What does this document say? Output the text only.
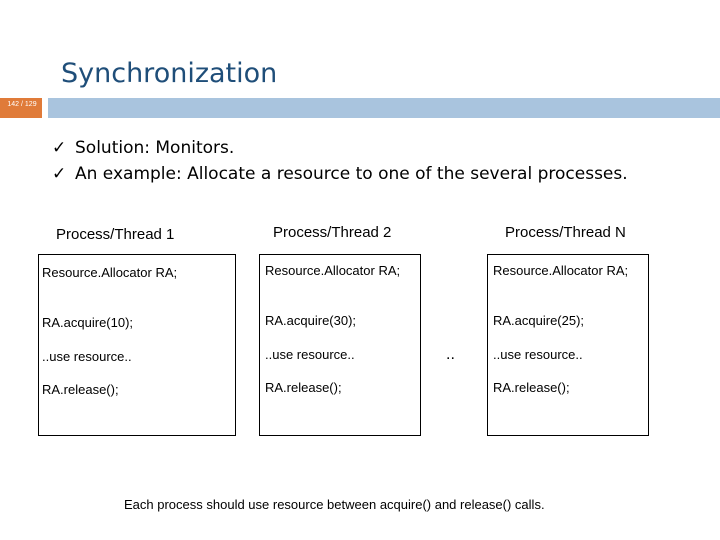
Synchronization
142 / 129
✓ Solution: Monitors.
✓ An example: Allocate a resource to one of the several processes.
Process/Thread 1
Resource.Allocator RA;
RA.acquire(10);
..use resource..
RA.release();
Process/Thread 2
Resource.Allocator RA;
RA.acquire(30);
..use resource..
RA.release();
..
Process/Thread N
Resource.Allocator RA;
RA.acquire(25);
..use resource..
RA.release();
Each process should use resource between acquire() and release() calls.
